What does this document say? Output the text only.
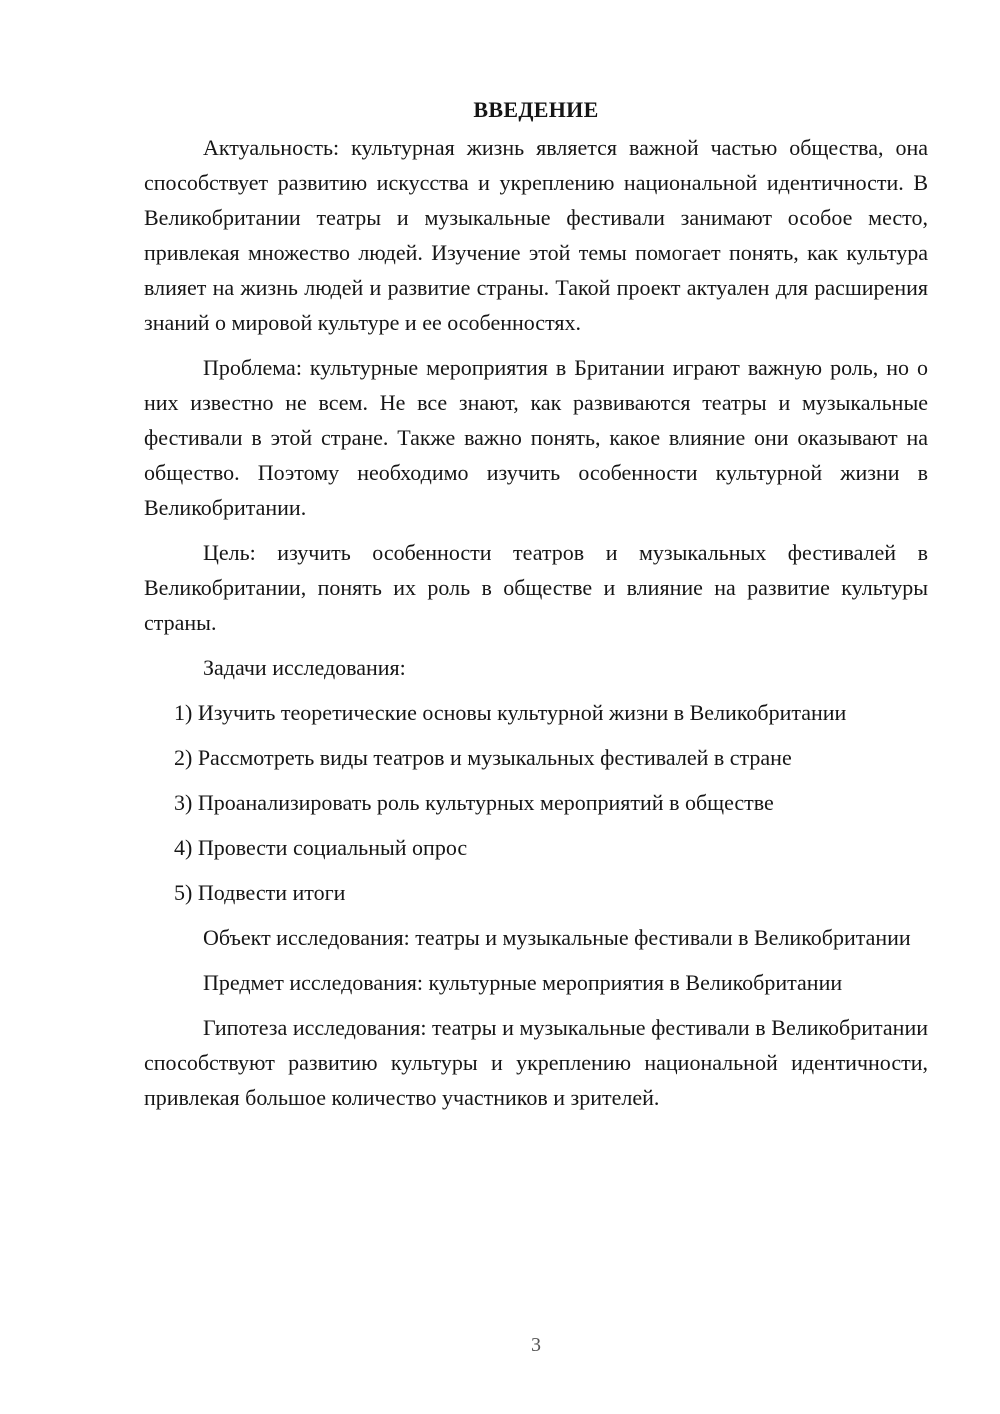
ВВЕДЕНИЕ

Актуальность: культурная жизнь является важной частью общества, она способствует развитию искусства и укреплению национальной идентичности. В Великобритании театры и музыкальные фестивали занимают особое место, привлекая множество людей. Изучение этой темы помогает понять, как культура влияет на жизнь людей и развитие страны. Такой проект актуален для расширения знаний о мировой культуре и ее особенностях.

Проблема: культурные мероприятия в Британии играют важную роль, но о них известно не всем. Не все знают, как развиваются театры и музыкальные фестивали в этой стране. Также важно понять, какое влияние они оказывают на общество. Поэтому необходимо изучить особенности культурной жизни в Великобритании.

Цель: изучить особенности театров и музыкальных фестивалей в Великобритании, понять их роль в обществе и влияние на развитие культуры страны.

Задачи исследования:

1) Изучить теоретические основы культурной жизни в Великобритании

2) Рассмотреть виды театров и музыкальных фестивалей в стране

3) Проанализировать роль культурных мероприятий в обществе

4) Провести социальный опрос

5) Подвести итоги

Объект исследования: театры и музыкальные фестивали в Великобритании

Предмет исследования: культурные мероприятия в Великобритании

Гипотеза исследования: театры и музыкальные фестивали в Великобритании способствуют развитию культуры и укреплению национальной идентичности, привлекая большое количество участников и зрителей.

3
